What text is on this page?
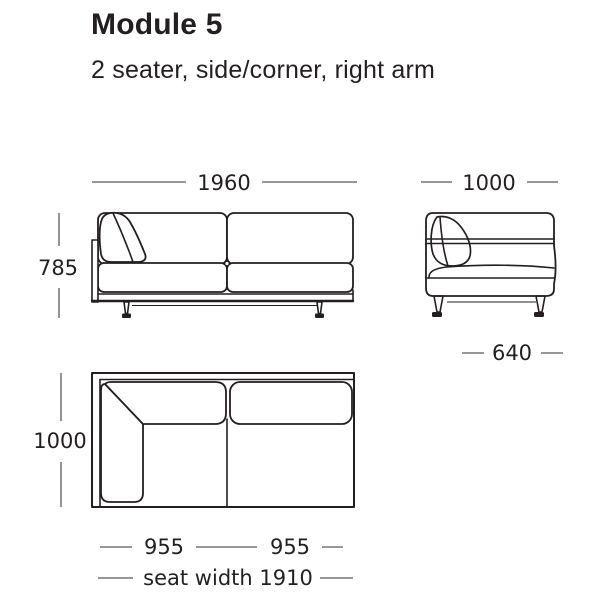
Module 5
2 seater, side/corner, right arm
1960
785
1000
640
1000
955	955
seat width 1910
